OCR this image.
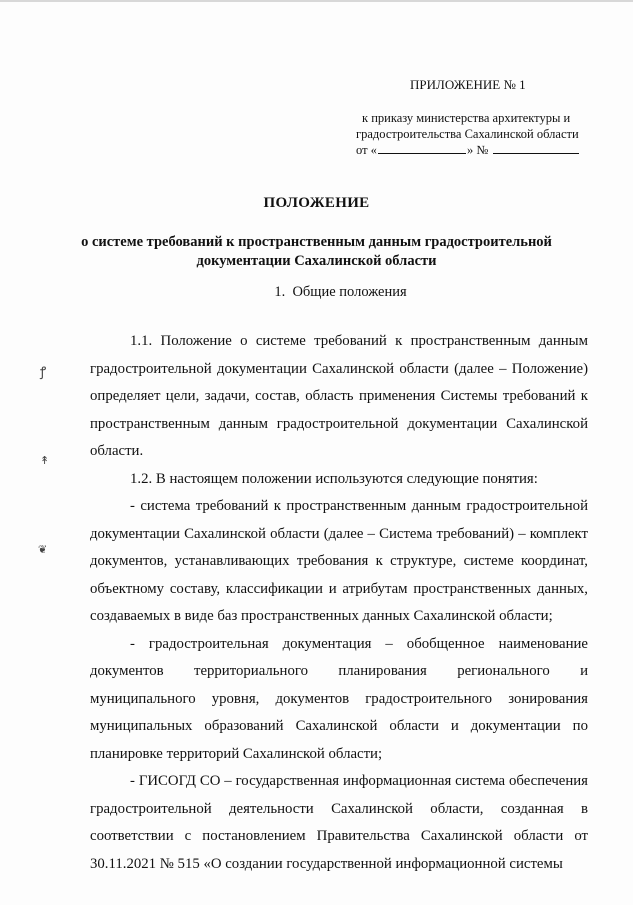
ПРИЛОЖЕНИЕ № 1
к приказу министерства архитектуры и
градостроительства Сахалинской области
от «	» №
ПОЛОЖЕНИЕ
о системе требований к пространственным данным градостроительной документации Сахалинской области
1. Общие положения

1.1. Положение о системе требований к пространственным данным градостроительной документации Сахалинской области (далее – Положение) определяет цели, задачи, состав, область применения Системы требований к пространственным данным градостроительной документации Сахалинской области.

1.2. В настоящем положении используются следующие понятия:

- система требований к пространственным данным градостроительной документации Сахалинской области (далее – Система требований) – комплект документов, устанавливающих требования к структуре, системе координат, объектному составу, классификации и атрибутам пространственных данных, создаваемых в виде баз пространственных данных Сахалинской области;

- градостроительная документация – обобщенное наименование документов территориального планирования регионального и муниципального уровня, документов градостроительного зонирования муниципальных образований Сахалинской области и документации по планировке территорий Сахалинской области;

- ГИСОГД СО – государственная информационная система обеспечения градостроительной деятельности Сахалинской области, созданная в соответствии с постановлением Правительства Сахалинской области от 30.11.2021 № 515 «О создании государственной информационной системы

ꝭ
↟
❦
